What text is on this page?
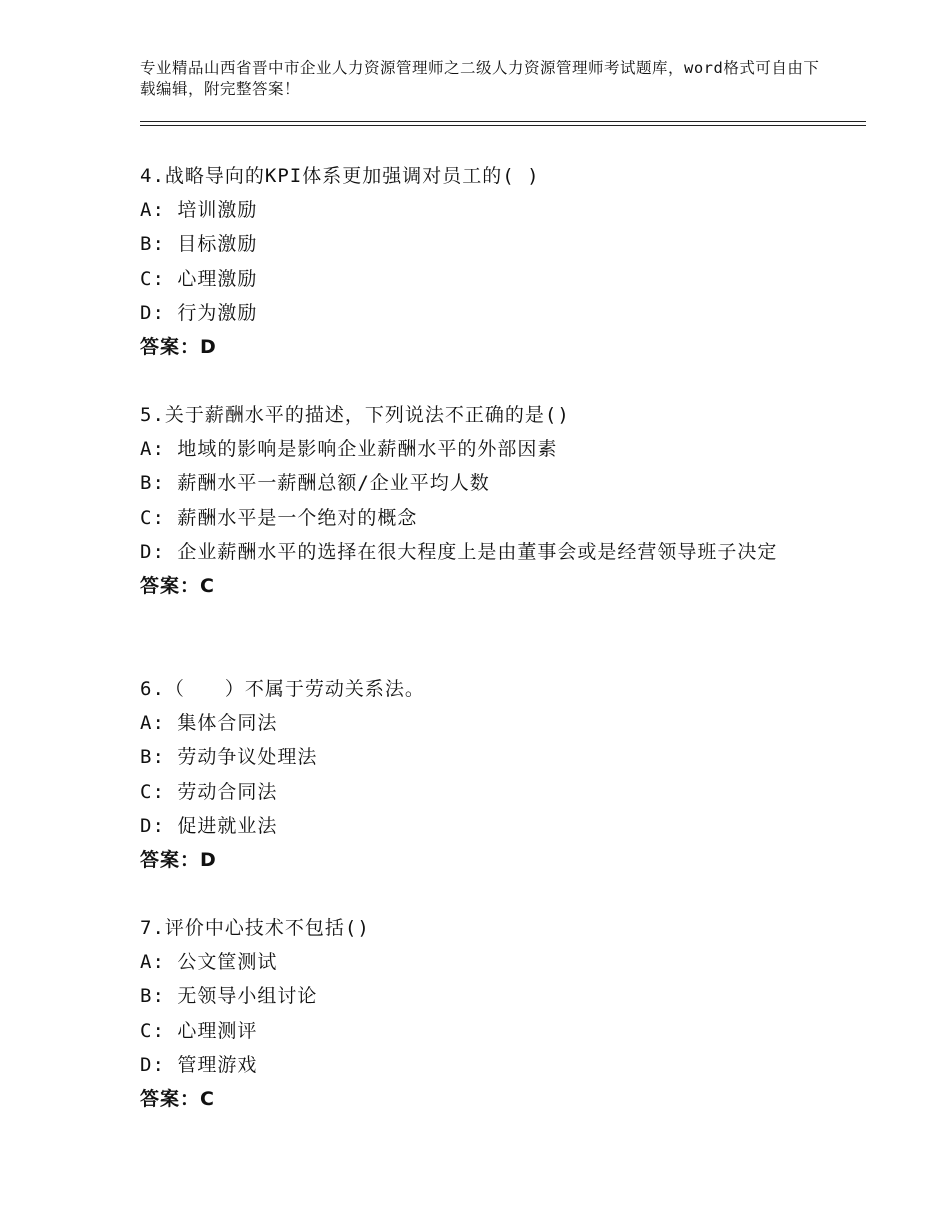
专业精品山西省晋中市企业人力资源管理师之二级人力资源管理师考试题库，word格式可自由下载编辑，附完整答案！
4.战略导向的KPI体系更加强调对员工的( )
A: 培训激励
B: 目标激励
C: 心理激励
D: 行为激励
答案：D
5.关于薪酬水平的描述，下列说法不正确的是()
A: 地域的影响是影响企业薪酬水平的外部因素
B: 薪酬水平一薪酬总额/企业平均人数
C: 薪酬水平是一个绝对的概念
D: 企业薪酬水平的选择在很大程度上是由董事会或是经营领导班子决定
答案：C
6.（　　）不属于劳动关系法。
A: 集体合同法
B: 劳动争议处理法
C: 劳动合同法
D: 促进就业法
答案：D
7.评价中心技术不包括()
A: 公文筐测试
B: 无领导小组讨论
C: 心理测评
D: 管理游戏
答案：C
